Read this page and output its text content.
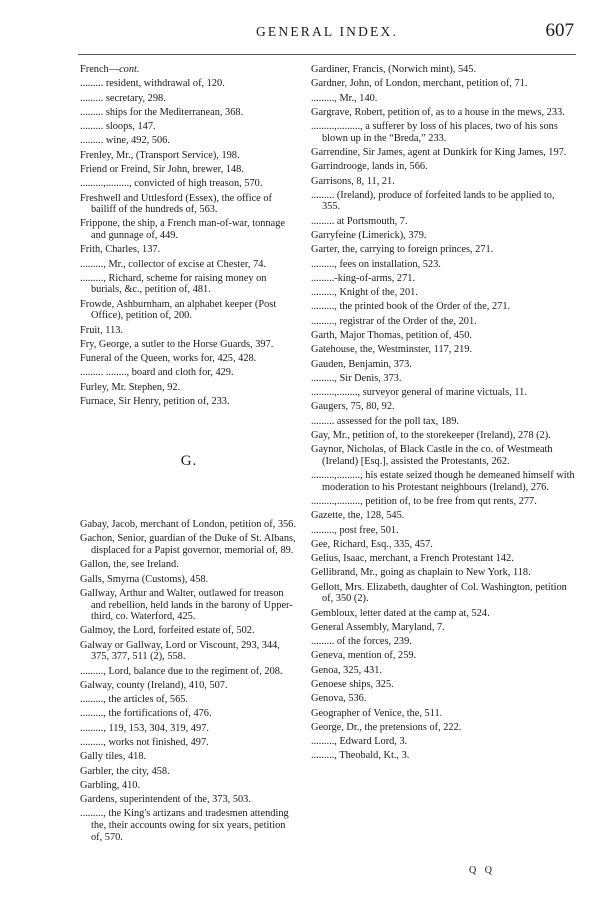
GENERAL INDEX.	607
French—cont.
......... resident, withdrawal of, 120.
......... secretary, 298.
......... ships for the Mediterranean, 368.
......... sloops, 147.
......... wine, 492, 506.
Frenley, Mr., (Transport Service), 198.
Friend or Freind, Sir John, brewer, 148.
.........,........., convicted of high treason, 570.
Freshwell and Uttlesford (Essex), the office of bailiff of the hundreds of, 563.
Frippone, the ship, a French man-of-war, tonnage and gunnage of, 449.
Frith, Charles, 137.
........., Mr., collector of excise at Chester, 74.
........., Richard, scheme for raising money on burials, &c., petition of, 481.
Frowde, Ashburnham, an alphabet keeper (Post Office), petition of, 200.
Fruit, 113.
Fry, George, a sutler to the Horse Guards, 397.
Funeral of the Queen, works for, 425, 428.
......... ........, board and cloth for, 429.
Furley, Mr. Stephen, 92.
Furnace, Sir Henry, petition of, 233.
G.
Gabay, Jacob, merchant of London, petition of, 356.
Gachon, Senior, guardian of the Duke of St. Albans, displaced for a Papist governor, memorial of, 89.
Gallon, the, see Ireland.
Galls, Smyrna (Customs), 458.
Gallway, Arthur and Walter, outlawed for treason and rebellion, held lands in the barony of Upper-third, co. Waterford, 425.
Galmoy, the Lord, forfeited estate of, 502.
Galway or Gallway, Lord or Viscount, 293, 344, 375, 377, 511 (2), 558.
........., Lord, balance due to the regiment of, 208.
Galway, county (Ireland), 410, 507.
........., the articles of, 565.
........., the fortifications of, 476.
........., 119, 153, 304, 319, 497.
........., works not finished, 497.
Gally tiles, 418.
Garbler, the city, 458.
Garbling, 410.
Gardens, superintendent of the, 373, 503.
........., the King's artizans and tradesmen attending the, their accounts owing for six years, petition of, 570.
Gardiner, Francis, (Norwich mint), 545.
Gardner, John, of London, merchant, petition of, 71.
........., Mr., 140.
Gargrave, Robert, petition of, as to a house in the mews, 233.
.........,........., a sufferer by loss of his places, two of his sons blown up in the “Breda,” 233.
Garrendine, Sir James, agent at Dunkirk for King James, 197.
Garrindrooge, lands in, 566.
Garrisons, 8, 11, 21.
......... (Ireland), produce of forfeited lands to be applied to, 355.
......... at Portsmouth, 7.
Garryfeine (Limerick), 379.
Garter, the, carrying to foreign princes, 271.
........., fees on installation, 523.
.........-king-of-arms, 271.
........., Knight of the, 201.
........., the printed book of the Order of the, 271.
........., registrar of the Order of the, 201.
Garth, Major Thomas, petition of, 450.
Gatehouse, the, Westminster, 117, 219.
Gauden, Benjamin, 373.
........., Sir Denis, 373.
.........,........, surveyor general of marine victuals, 11.
Gaugers, 75, 80, 92.
......... assessed for the poll tax, 189.
Gay, Mr., petition of, to the storekeeper (Ireland), 278 (2).
Gaynor, Nicholas, of Black Castle in the co. of Westmeath (Ireland) [Esq.], assisted the Protestants, 262.
.........,........., his estate seized though he demeaned himself with moderation to his Protestant neighbours (Ireland), 276.
.........,........., petition of, to be free from qut rents, 277.
Gazette, the, 128, 545.
........., post free, 501.
Gee, Richard, Esq., 335, 457.
Gelius, Isaac, merchant, a French Protestant 142.
Gellibrand, Mr., going as chaplain to New York, 118.
Gellott, Mrs. Elizabeth, daughter of Col. Washington, petition of, 350 (2).
Gembloux, letter dated at the camp at, 524.
General Assembly, Maryland, 7.
......... of the forces, 239.
Geneva, mention of, 259.
Genoa, 325, 431.
Genoese ships, 325.
Genova, 536.
Geographer of Venice, the, 511.
George, Dr., the pretensions of, 222.
........., Edward Lord, 3.
........., Theobald, Kt., 3.
Q Q
